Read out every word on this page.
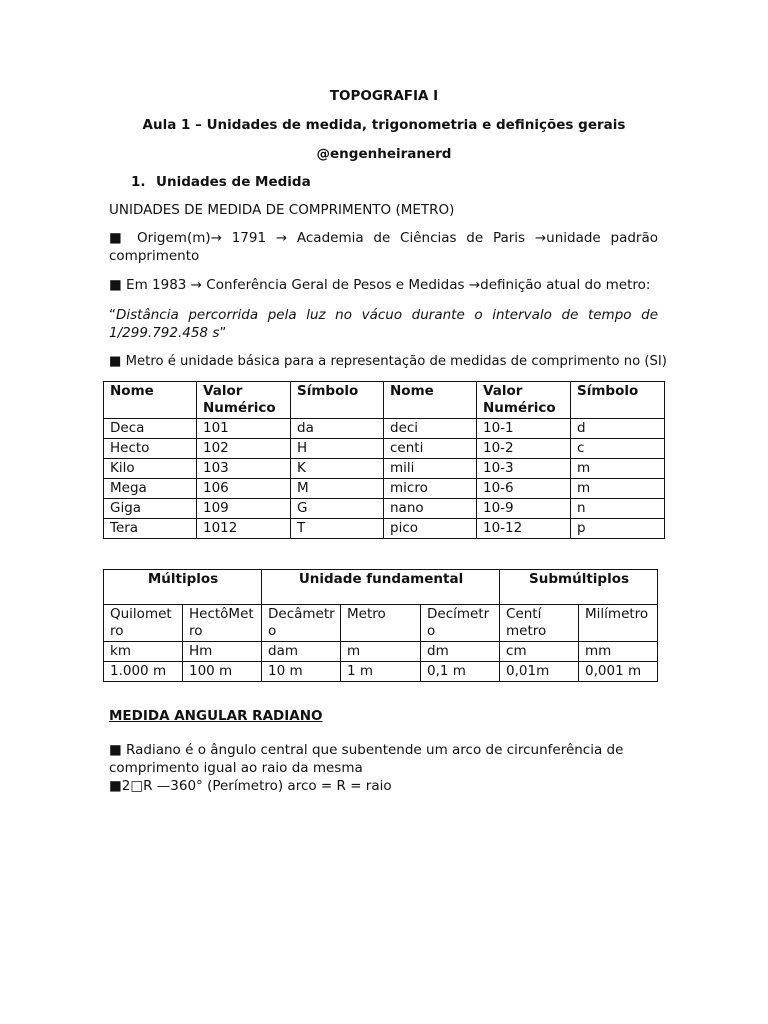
TOPOGRAFIA I
Aula 1 – Unidades de medida, trigonometria e definições gerais
@engenheiranerd
1. Unidades de Medida
UNIDADES DE MEDIDA DE COMPRIMENTO (METRO)
■ Origem(m)→ 1791 → Academia de Ciências de Paris →unidade padrão comprimento
■ Em 1983 → Conferência Geral de Pesos e Medidas →definição atual do metro:
“Distância percorrida pela luz no vácuo durante o intervalo de tempo de 1/299.792.458 s”
■ Metro é unidade básica para a representação de medidas de comprimento no (SI)
Nome	Valor Numérico	Símbolo	Nome	Valor Numérico	Símbolo
Deca	101	da	deci	10-1	d
Hecto	102	H	centi	10-2	c
Kilo	103	K	mili	10-3	m
Mega	106	M	micro	10-6	m
Giga	109	G	nano	10-9	n
Tera	1012	T	pico	10-12	p
Múltiplos		Unidade fundamental			Submúltiplos	
Quilometro	HectôMetro	Decâmetro	Metro	Decímetro	Centí metro	Milímetro
km	Hm	dam	m	dm	cm	mm
1.000 m	100 m	10 m	1 m	0,1 m	0,01m	0,001 m
MEDIDA ANGULAR RADIANO
■ Radiano é o ângulo central que subentende um arco de circunferência de comprimento igual ao raio da mesma
■2□R —360° (Perímetro) arco = R = raio
